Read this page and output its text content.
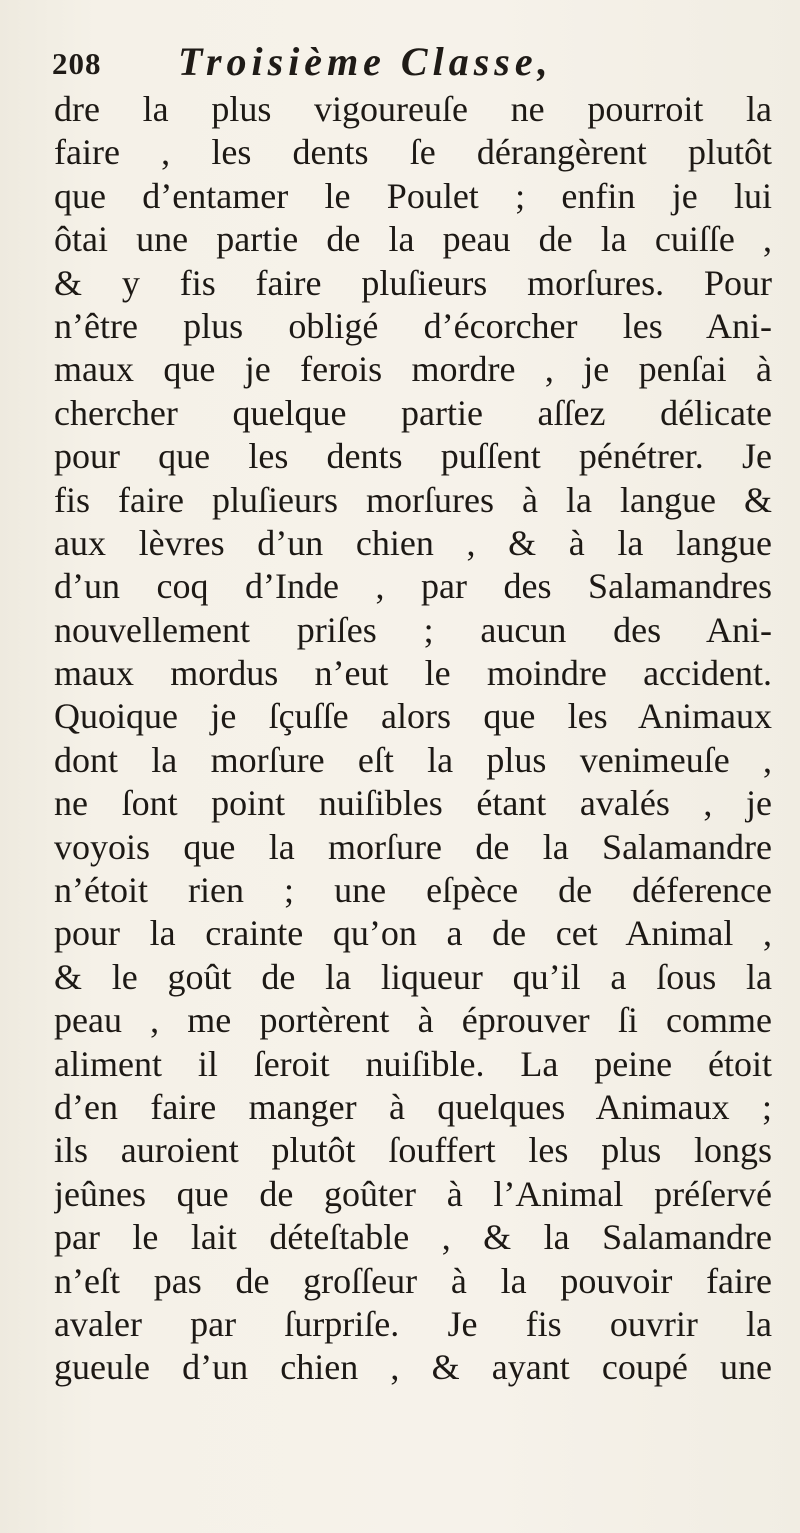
208 Troisième Classe,
dre la plus vigoureuſe ne pourroit la
faire , les dents ſe dérangèrent plutôt
que d’entamer le Poulet ; enfin je lui
ôtai une partie de la peau de la cuiſſe ,
& y fis faire pluſieurs morſures. Pour
n’être plus obligé d’écorcher les Ani-
maux que je ferois mordre , je penſai à
chercher quelque partie aſſez délicate
pour que les dents puſſent pénétrer. Je
fis faire pluſieurs morſures à la langue &
aux lèvres d’un chien , & à la langue
d’un coq d’Inde , par des Salamandres
nouvellement priſes ; aucun des Ani-
maux mordus n’eut le moindre accident.
Quoique je ſçuſſe alors que les Animaux
dont la morſure eſt la plus venimeuſe ,
ne ſont point nuiſibles étant avalés , je
voyois que la morſure de la Salamandre
n’étoit rien ; une eſpèce de déference
pour la crainte qu’on a de cet Animal ,
& le goût de la liqueur qu’il a ſous la
peau , me portèrent à éprouver ſi comme
aliment il ſeroit nuiſible. La peine étoit
d’en faire manger à quelques Animaux ;
ils auroient plutôt ſouffert les plus longs
jeûnes que de goûter à l’Animal préſervé
par le lait déteſtable , & la Salamandre
n’eſt pas de groſſeur à la pouvoir faire
avaler par ſurpriſe. Je fis ouvrir la
gueule d’un chien , & ayant coupé une
